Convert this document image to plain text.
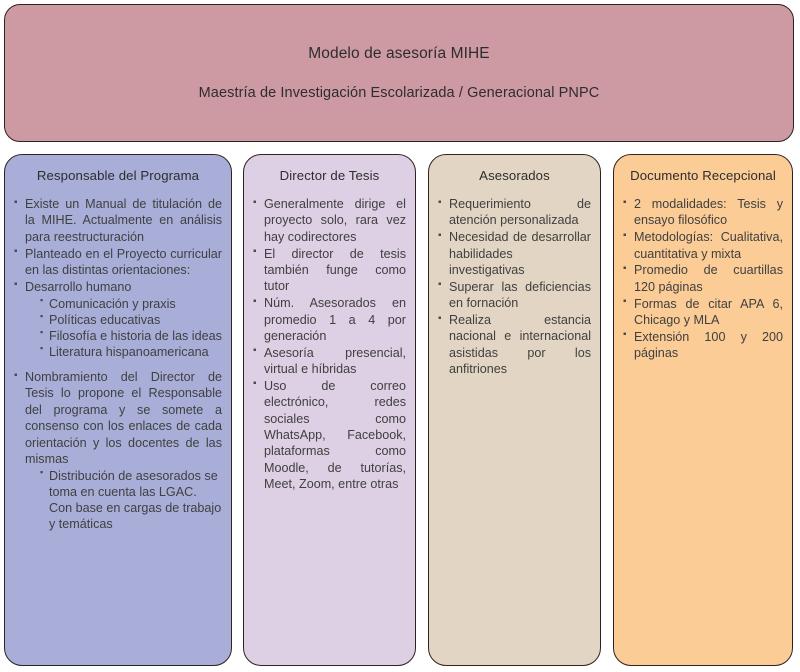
Modelo de asesoría MIHE
Maestría de Investigación Escolarizada / Generacional PNPC
Responsable del Programa
▪ Existe un Manual de titulación de la MIHE. Actualmente en análisis para reestructuración
▪ Planteado en el Proyecto curricular en las distintas orientaciones:
▪ Desarrollo humano
▪ Comunicación y praxis
▪ Políticas educativas
▪ Filosofía e historia de las ideas
▪ Literatura hispanoamericana
▪ Nombramiento del Director de Tesis lo propone el Responsable del programa y se somete a consenso con los enlaces de cada orientación y los docentes de las mismas
▪ Distribución de asesorados se toma en cuenta las LGAC. Con base en cargas de trabajo y temáticas
Director de Tesis
▪ Generalmente dirige el proyecto solo, rara vez hay codirectores
▪ El director de tesis también funge como tutor
▪ Núm. Asesorados en promedio 1 a 4 por generación
▪ Asesoría presencial, virtual e híbridas
▪ Uso de correo electrónico, redes sociales como WhatsApp, Facebook, plataformas como Moodle, de tutorías, Meet, Zoom, entre otras
Asesorados
▪ Requerimiento de atención personalizada
▪ Necesidad de desarrollar habilidades investigativas
▪ Superar las deficiencias en fornación
▪ Realiza estancia nacional e internacional asistidas por los anfitriones
Documento Recepcional
▪ 2 modalidades: Tesis y ensayo filosófico
▪ Metodologías: Cualitativa, cuantitativa y mixta
▪ Promedio de cuartillas 120 páginas
▪ Formas de citar APA 6, Chicago y MLA
▪ Extensión 100 y 200 páginas
